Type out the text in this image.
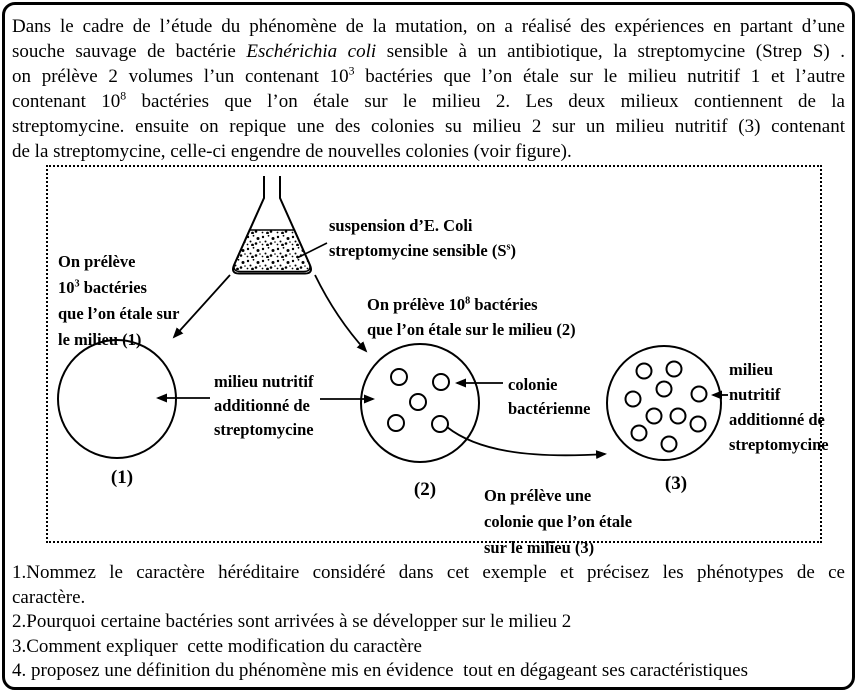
Dans le cadre de l’étude du phénomène de la mutation, on a réalisé des expériences en partant d’une
souche sauvage de bactérie Eschérichia coli sensible à un antibiotique, la streptomycine (Strep S) .
on prélève 2 volumes l’un contenant $10^3$ bactéries que l’on étale sur le milieu nutritif 1 et l’autre
contenant $10^8$ bactéries que l’on étale sur le milieu 2. Les deux milieux contiennent de la
streptomycine. ensuite on repique une des colonies su milieu 2 sur un milieu nutritif (3) contenant
de la streptomycine, celle-ci engendre de nouvelles colonies (voir figure).
suspension d’E. Coli
streptomycine sensible $(S^s)$
On prélève
$10^3$ bactéries
que l’on étale sur
le milieu (1)
On prélève $10^8$ bactéries
que l’on étale sur le milieu (2)
milieu nutritif
additionné de
streptomycine
colonie
bactérienne
On prélève une
colonie que l’on étale
sur le milieu (3)
milieu
nutritif
additionné de
streptomycine
(1)
(2)	(3)
1.Nommez le caractère héréditaire considéré dans cet exemple et précisez les phénotypes de ce
caractère.
2.Pourquoi certaine bactéries sont arrivées à se développer sur le milieu 2
3.Comment expliquer  cette modification du caractère
4. proposez une définition du phénomène mis en évidence  tout en dégageant ses caractéristiques
